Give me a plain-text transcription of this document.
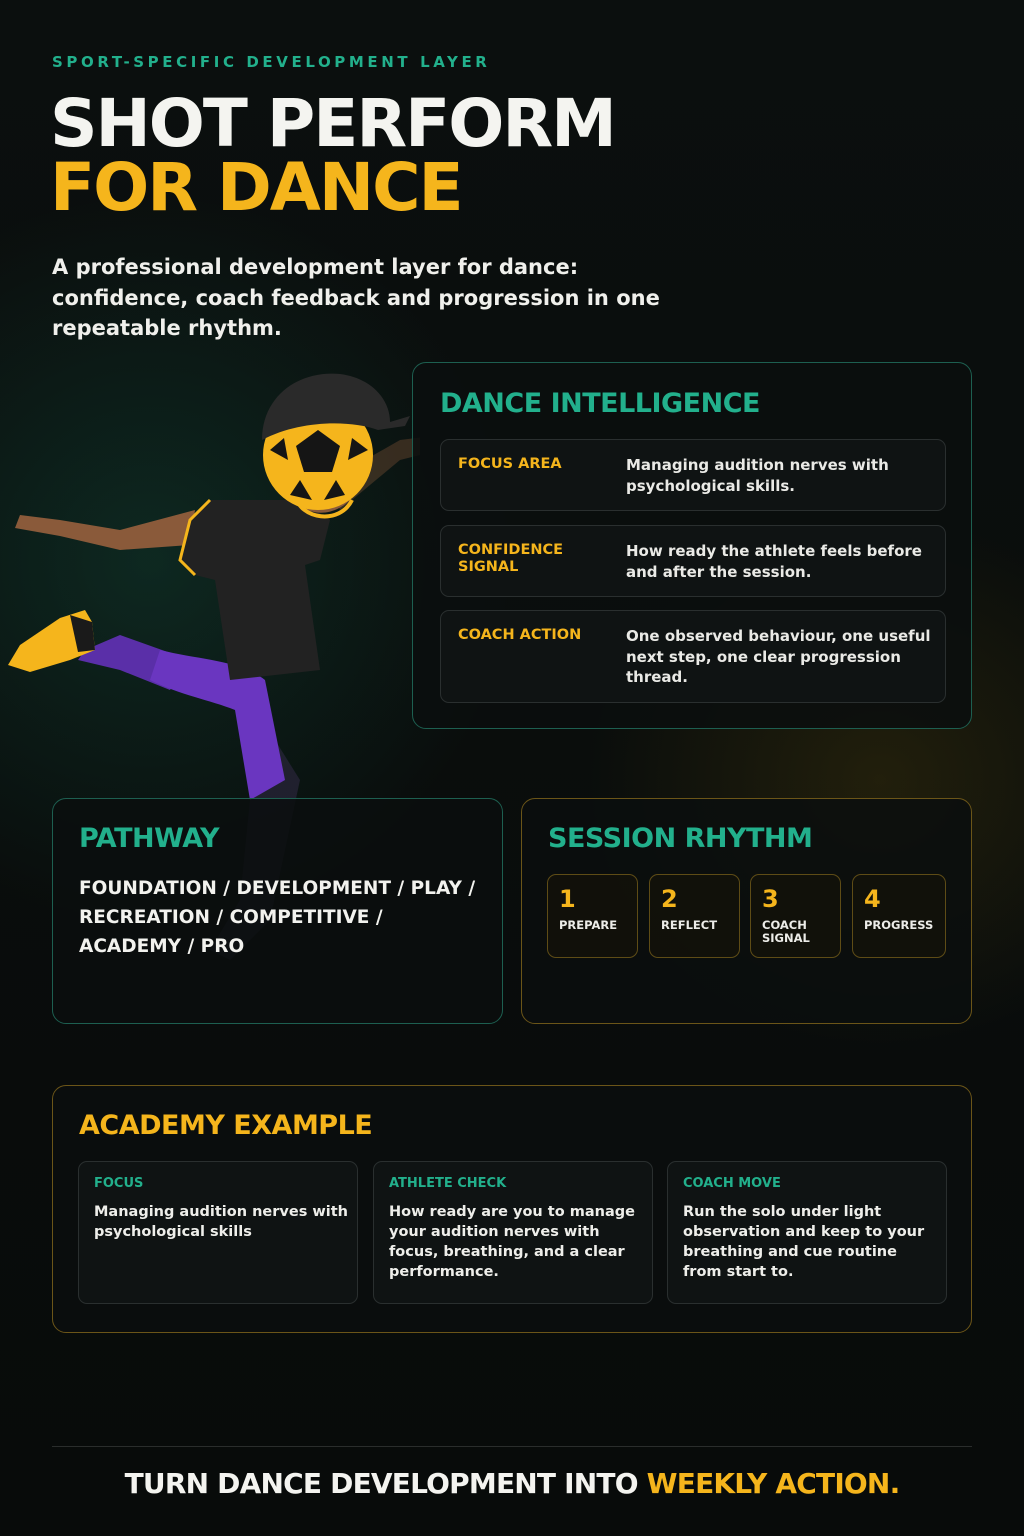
SPORT-SPECIFIC DEVELOPMENT LAYER
SHOT PERFORM
FOR DANCE

A professional development layer for dance: confidence, coach feedback and progression in one repeatable rhythm.

DANCE INTELLIGENCE
FOCUS AREA	Managing audition nerves with psychological skills.
CONFIDENCE SIGNAL
How ready the athlete feels before and after the session.
COACH ACTION	One observed behaviour, one useful next step, one clear progression thread.
PATHWAY
FOUNDATION / DEVELOPMENT / PLAY / RECREATION / COMPETITIVE / ACADEMY / PRO
SESSION RHYTHM
1
PREPARE
2
REFLECT
3
COACH SIGNAL
4
PROGRESS
ACADEMY EXAMPLE
FOCUS
Managing audition nerves with psychological skills
ATHLETE CHECK
How ready are you to manage your audition nerves with focus, breathing, and a clear performance.
COACH MOVE
Run the solo under light observation and keep to your breathing and cue routine from start to.
TURN DANCE DEVELOPMENT INTO WEEKLY ACTION.
